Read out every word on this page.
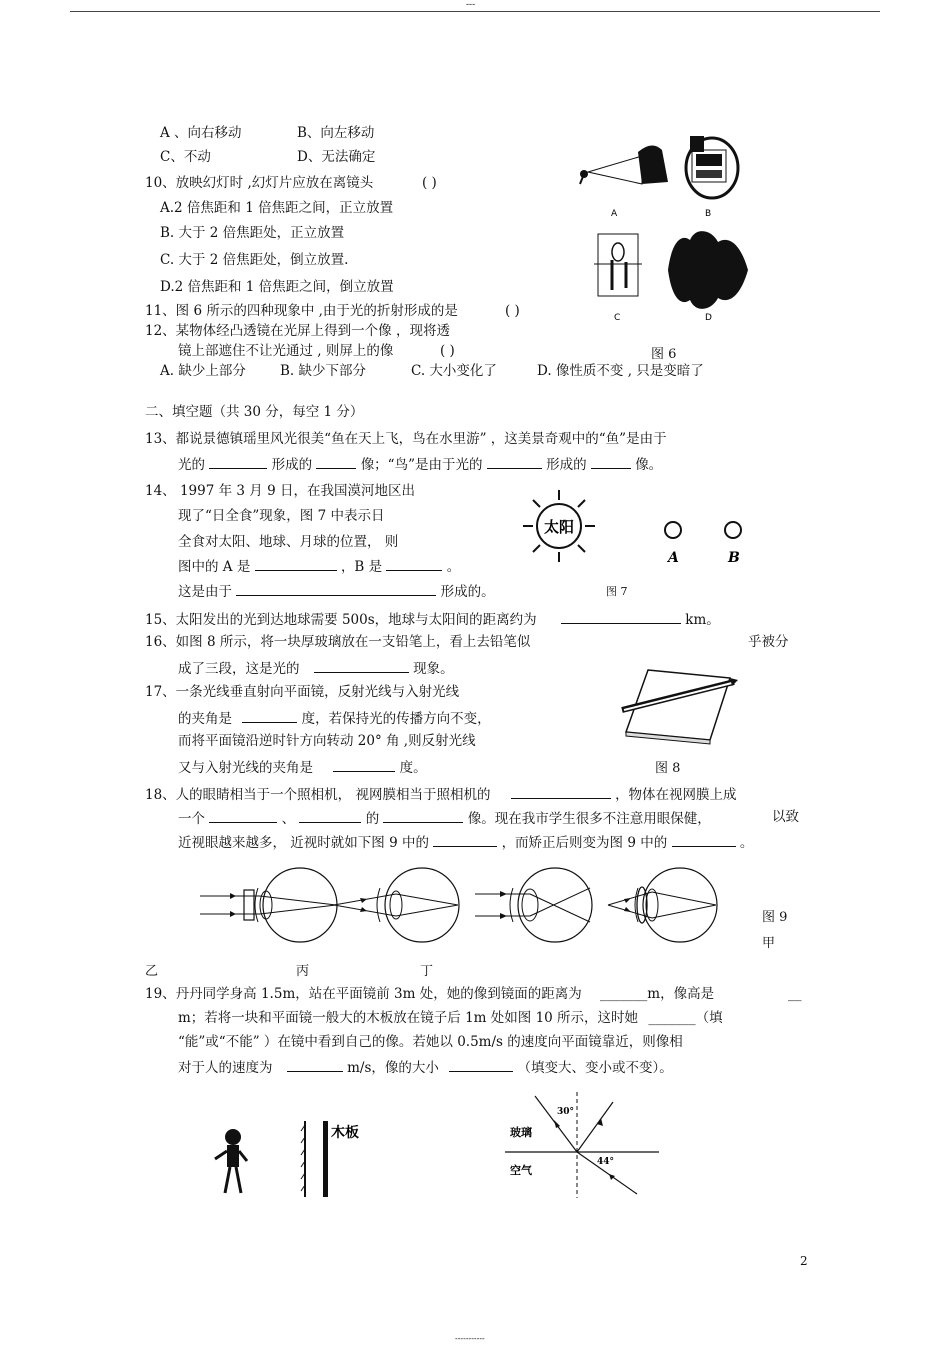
---
A 、向右移动	B、向左移动
C、不动	D、无法确定
10、放映幻灯时 ,幻灯片应放在离镜头	( )
A.2 倍焦距和 1 倍焦距之间，正立放置
B. 大于 2 倍焦距处，正立放置
C. 大于 2 倍焦距处，倒立放置.
D.2 倍焦距和 1 倍焦距之间，倒立放置
11、图 6 所示的四种现象中 ,由于光的折射形成的是	( )
12、某物体经凸透镜在光屏上得到一个像 ，现将透
镜上部遮住不让光通过 , 则屏上的像	( )
A. 缺少上部分	B. 缺少下部分	C. 大小变化了	D. 像性质不变 , 只是变暗了
A	B
C	D
图 6
二、填空题（共 30 分，每空 1 分）
13、都说景德镇瑶里风光很美“鱼在天上飞，鸟在水里游” ，这美景奇观中的“鱼”是由于
光的	形成的	像；“鸟”是由于光的	形成的	像。
14、 1997 年 3 月 9 日，在我国漠河地区出
现了“日全食”现象，图 7 中表示日
全食对太阳、地球、月球的位置， 则
图中的 A 是	，B 是	。
这是由于	形成的。
太阳
A	B
图 7
15、太阳发出的光到达地球需要 500s，地球与太阳间的距离约为	km。
16、如图 8 所示，将一块厚玻璃放在一支铅笔上，看上去铅笔似	乎被分
成了三段，这是光的	现象。
图 8
17、一条光线垂直射向平面镜，反射光线与入射光线
的夹角是	度，若保持光的传播方向不变，
而将平面镜沿逆时针方向转动 20° 角 ,则反射光线
又与入射光线的夹角是	度。
18、人的眼睛相当于一个照相机， 视网膜相当于照相机的	，物体在视网膜上成
一个	、	的	像。现在我市学生很多不注意用眼保健，	以致
近视眼越来越多， 近视时就如下图 9 中的	，而矫正后则变为图 9 中的	。
图 9
甲
乙	丙	丁
19、丹丹同学身高 1.5m，站在平面镜前 3m 处，她的像到镜面的距离为 _______m，像高是	__
m；若将一块和平面镜一般大的木板放在镜子后 1m 处如图 10 所示，这时她 _______（填
“能”或“不能” ）在镜中看到自己的像。若她以 0.5m/s 的速度向平面镜靠近，则像相
对于人的速度为	m/s，像的大小	（填变大、变小或不变）。
木板	玻璃
空气
30°
44°
2
-----------
